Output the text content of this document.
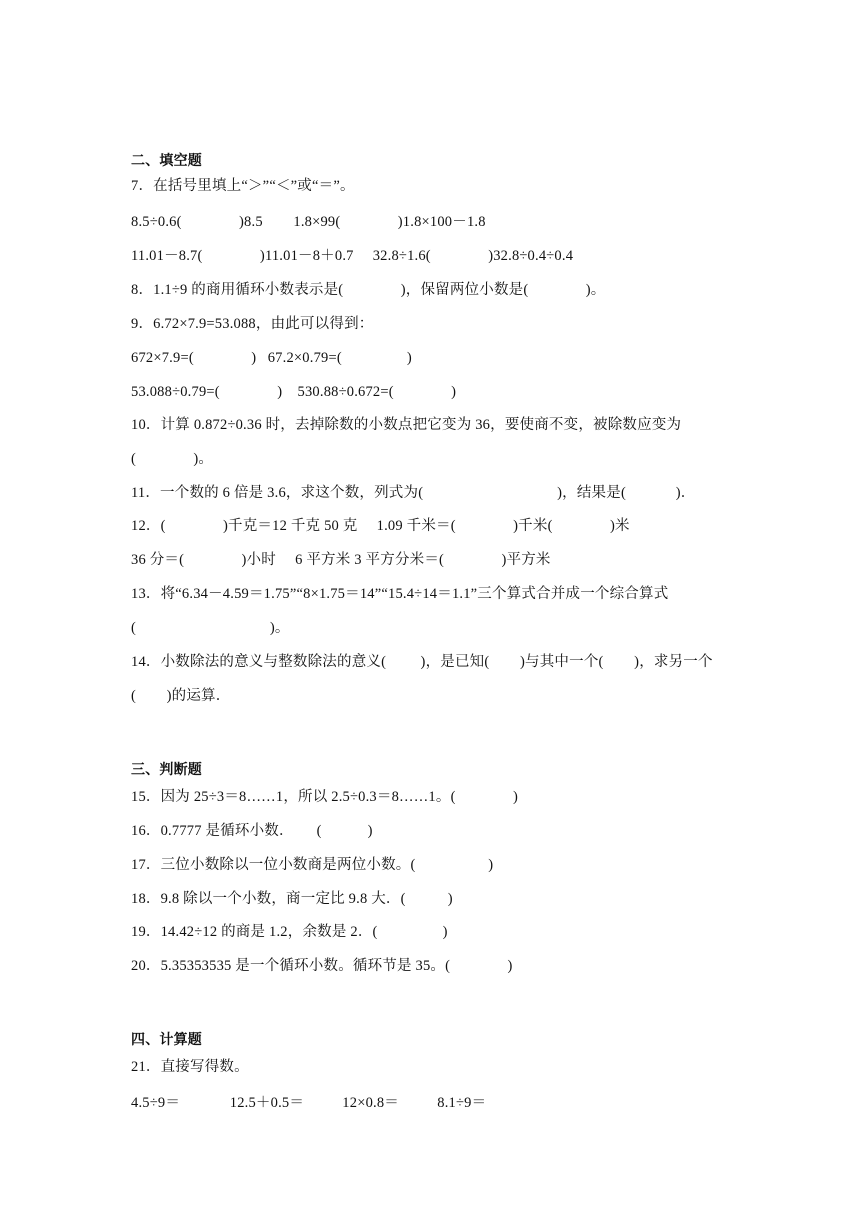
二、填空题
7．在括号里填上“＞”“＜”或“＝”。
8.5÷0.6(               )8.5        1.8×99(               )1.8×100－1.8
11.01－8.7(               )11.01－8＋0.7     32.8÷1.6(               )32.8÷0.4÷0.4
8．1.1÷9 的商用循环小数表示是(               )，保留两位小数是(               )。
9．6.72×7.9=53.088，由此可以得到：
672×7.9=(               )   67.2×0.79=(                 )
53.088÷0.79=(               )    530.88÷0.672=(               )
10．计算 0.872÷0.36 时，去掉除数的小数点把它变为 36，要使商不变，被除数应变为
(               )。
11．一个数的 6 倍是 3.6，求这个数，列式为(                                   )，结果是(             )．
12．(               )千克＝12 千克 50 克     1.09 千米＝(               )千米(               )米
36 分＝(               )小时     6 平方米 3 平方分米＝(               )平方米
13．将“6.34－4.59＝1.75”“8×1.75＝14”“15.4÷14＝1.1”三个算式合并成一个综合算式
(                                   )。
14．小数除法的意义与整数除法的意义(         )，是已知(        )与其中一个(        )，求另一个
(        )的运算．
三、判断题
15．因为 25÷3＝8……1，所以 2.5÷0.3＝8……1。(               )
16．0.7777 是循环小数．      (            )
17．三位小数除以一位小数商是两位小数。(                   )
18．9.8 除以一个小数，商一定比 9.8 大．(           )
19．14.42÷12 的商是 1.2，余数是 2．(                 )
20．5.35353535 是一个循环小数。循环节是 35。(               )
四、计算题
21．直接写得数。
4.5÷9＝             12.5＋0.5＝          12×0.8＝          8.1÷9＝
